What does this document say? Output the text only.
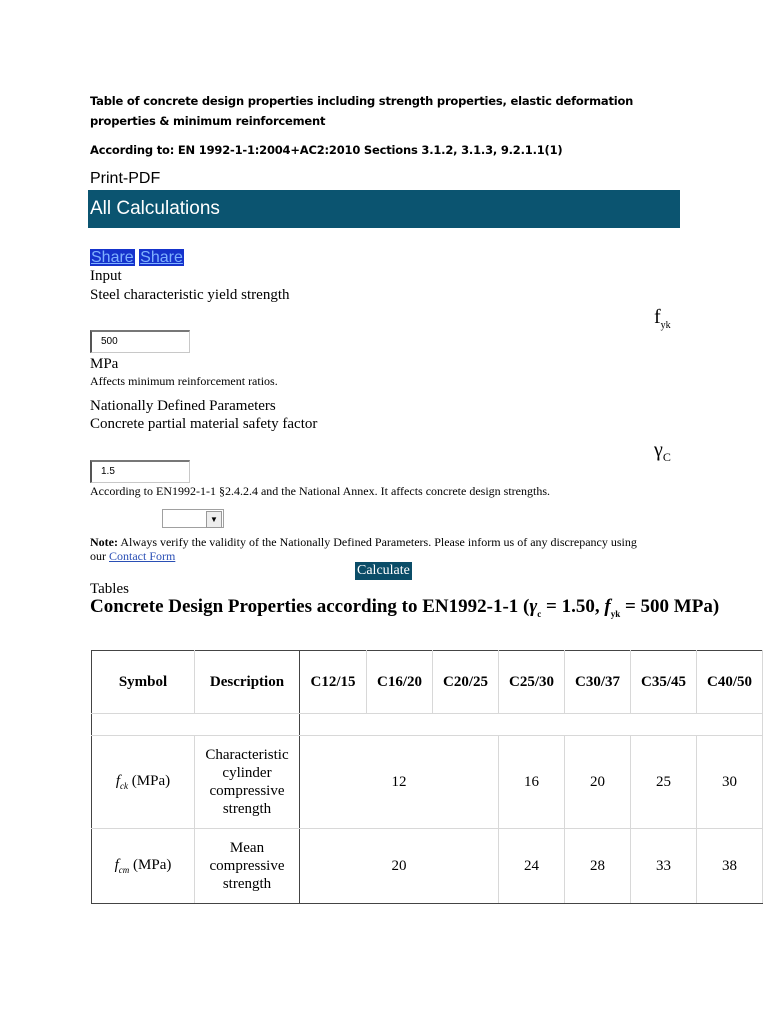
Table of concrete design properties including strength properties, elastic deformation properties & minimum reinforcement
According to: EN 1992-1-1:2004+AC2:2010 Sections 3.1.2, 3.1.3, 9.2.1.1(1)
Print-PDF
All Calculations
Share Share
Input
Steel characteristic yield strength
$f_{yk}$
500
MPa
Affects minimum reinforcement ratios.
Nationally Defined Parameters
Concrete partial material safety factor
$\gamma_C$
1.5
According to EN1992-1-1 §2.4.2.4 and the National Annex. It affects concrete design strengths.
▼
Note: Always verify the validity of the Nationally Defined Parameters. Please inform us of any discrepancy using our Contact Form
Calculate
Tables
Concrete Design Properties according to EN1992-1-1 ($\gamma_c = 1.50$, $f_{yk} = 500$ MPa)
Symbol	Description	C12/15	C16/20	C20/25	C25/30	C30/37	C35/45	C40/50

$f_{ck}$ (MPa)	Characteristic
cylinder
compressive
strength	12			16	20	25	30
$f_{cm}$ (MPa)	Mean
compressive
strength	20			24	28	33	38
